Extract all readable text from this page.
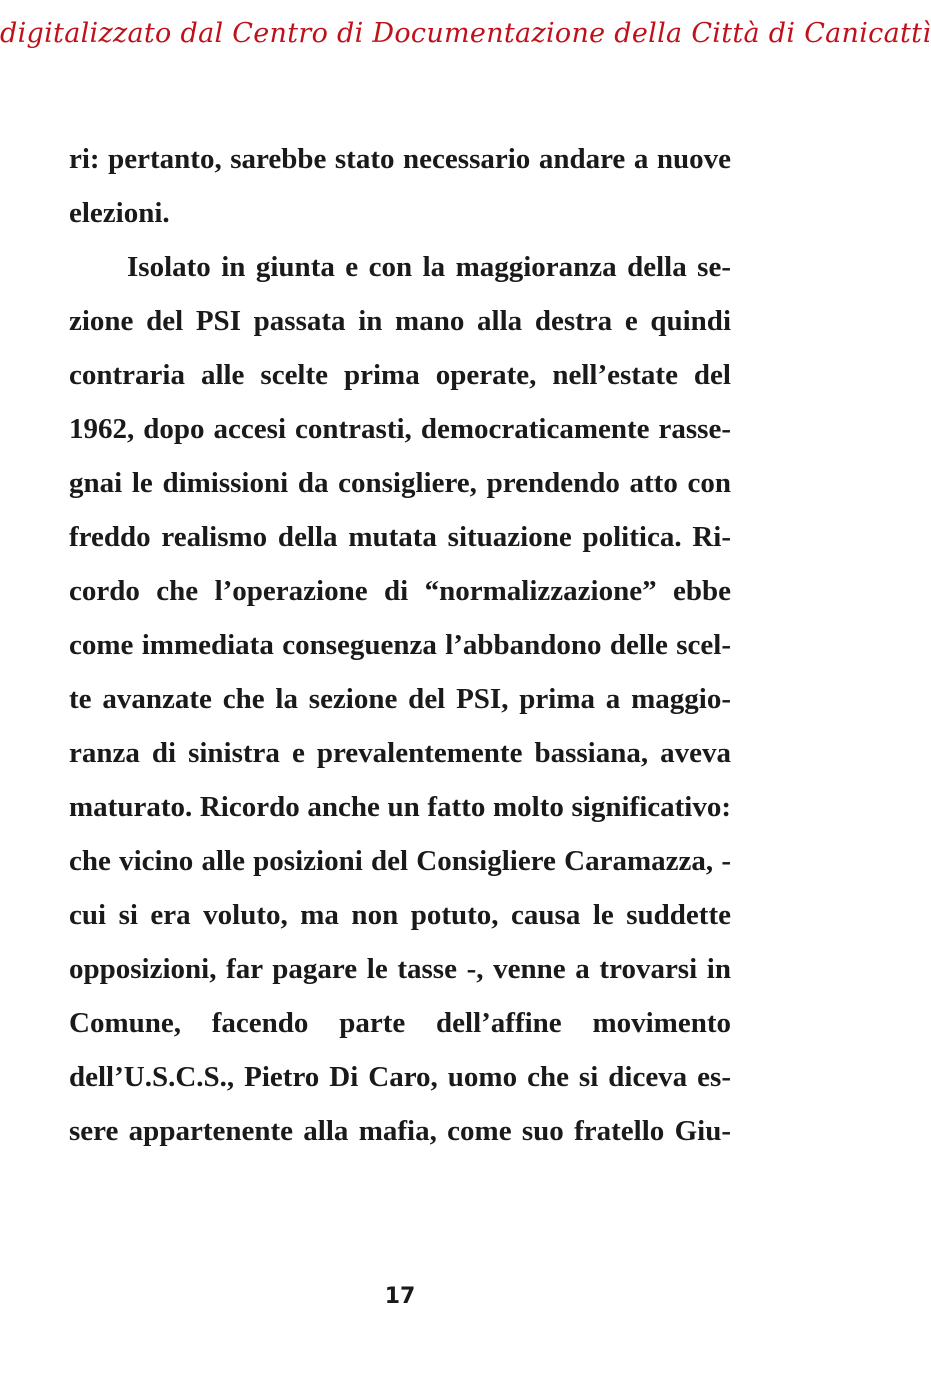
digitalizzato dal Centro di Documentazione della Città di Canicattì
ri: pertanto, sarebbe stato necessario andare a nuove
elezioni.
Isolato in giunta e con la maggioranza della se-
zione del PSI passata in mano alla destra e quindi
contraria alle scelte prima operate, nell’estate del
1962, dopo accesi contrasti, democraticamente rasse-
gnai le dimissioni da consigliere, prendendo atto con
freddo realismo della mutata situazione politica. Ri-
cordo che l’operazione di “normalizzazione” ebbe
come immediata conseguenza l’abbandono delle scel-
te avanzate che la sezione del PSI, prima a maggio-
ranza di sinistra e prevalentemente bassiana, aveva
maturato. Ricordo anche un fatto molto significativo:
che vicino alle posizioni del Consigliere Caramazza, -
cui si era voluto, ma non potuto, causa le suddette
opposizioni, far pagare le tasse -, venne a trovarsi in
Comune, facendo parte dell’affine movimento
dell’U.S.C.S., Pietro Di Caro, uomo che si diceva es-
sere appartenente alla mafia, come suo fratello Giu-
17
